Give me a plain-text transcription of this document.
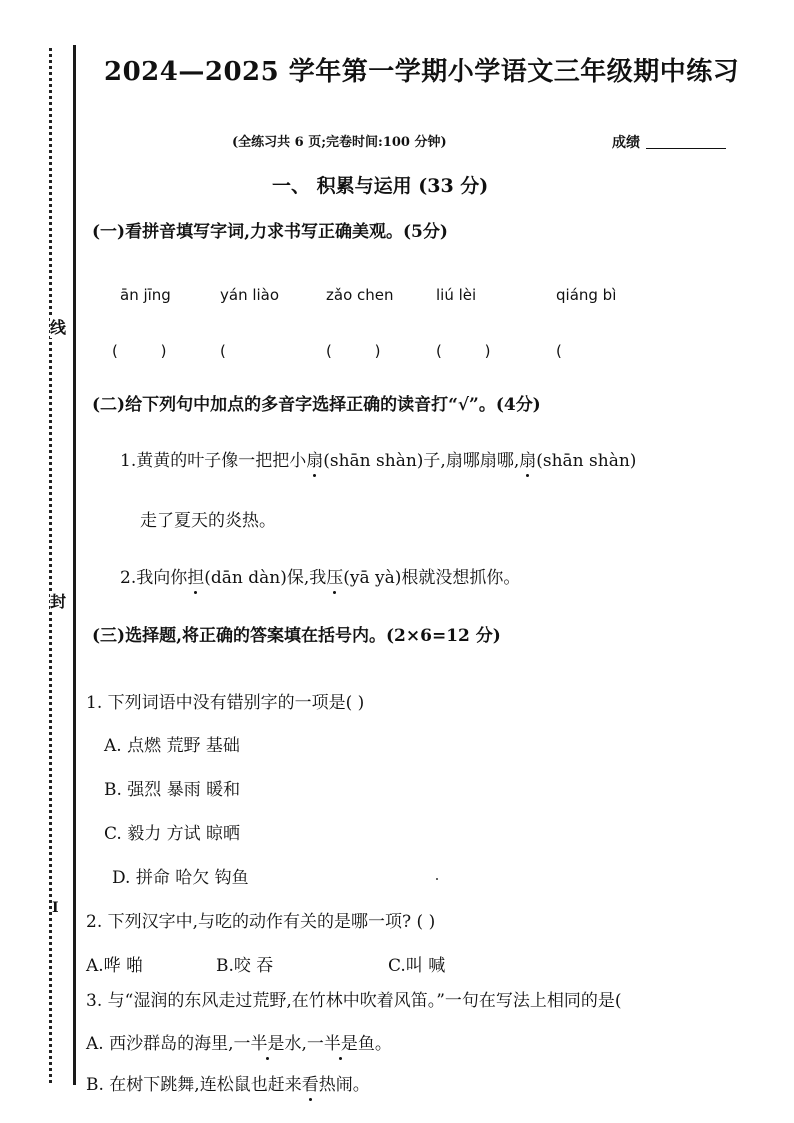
线
封
I
2024—2025 学年第一学期小学语文三年级期中练习
(全练习共 6 页;完卷时间:100 分钟)	成绩
一、 积累与运用 (33 分)
(一)看拼音填写字词,力求书写正确美观。(5分)
ān jīng	yán liào	zǎo chen	liú lèi	qiáng bì
( )	(	( )	( )	(
(二)给下列句中加点的多音字选择正确的读音打“√”。(4分)
1.黄黄的叶子像一把把小扇(shān shàn)子,扇哪扇哪,扇(shān shàn)
走了夏天的炎热。
2.我向你担(dān dàn)保,我压(yā yà)根就没想抓你。
(三)选择题,将正确的答案填在括号内。(2×6=12 分)
1. 下列词语中没有错别字的一项是( )
A. 点燃 荒野 基础
B. 强烈 暴雨 暖和
C. 毅力 方试 晾晒
D. 拼命 哈欠 钩鱼
2. 下列汉字中,与吃的动作有关的是哪一项? ( )
A.哗 啪	B.咬 吞	C.叫 喊
3. 与“湿润的东风走过荒野,在竹林中吹着风笛。”一句在写法上相同的是(
A. 西沙群岛的海里,一半是水,一半是鱼。
B. 在树下跳舞,连松鼠也赶来看热闹。
